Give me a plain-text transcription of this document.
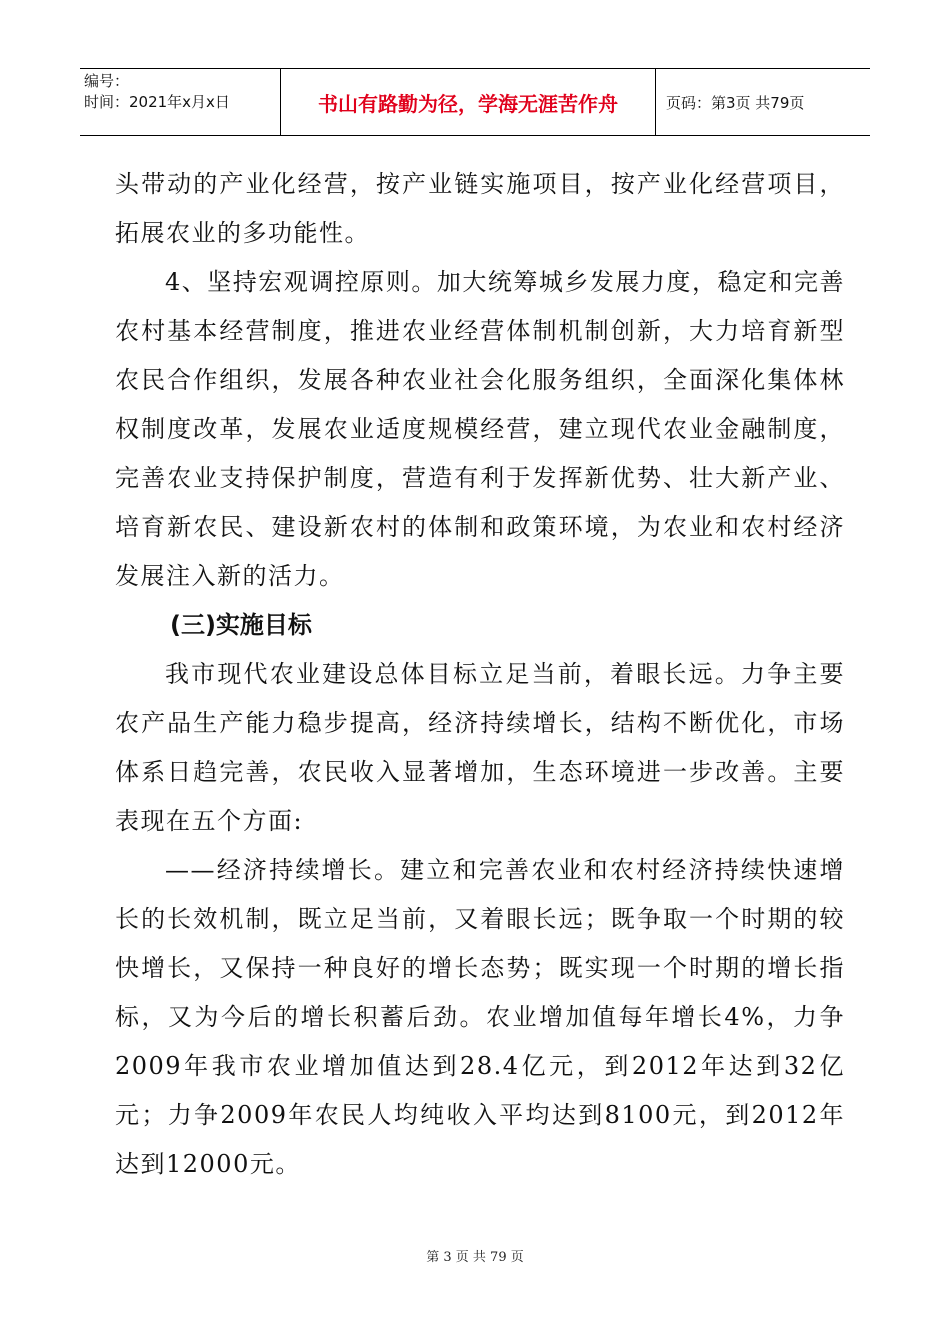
编号：
时间：2021年x月x日	书山有路勤为径，学海无涯苦作舟	页码：第3页 共79页

头带动的产业化经营，按产业链实施项目，按产业化经营项目，拓展农业的多功能性。

4、坚持宏观调控原则。加大统筹城乡发展力度，稳定和完善农村基本经营制度，推进农业经营体制机制创新，大力培育新型农民合作组织，发展各种农业社会化服务组织，全面深化集体林权制度改革，发展农业适度规模经营，建立现代农业金融制度，完善农业支持保护制度，营造有利于发挥新优势、壮大新产业、培育新农民、建设新农村的体制和政策环境，为农业和农村经济发展注入新的活力。

(三)实施目标

我市现代农业建设总体目标立足当前，着眼长远。力争主要农产品生产能力稳步提高，经济持续增长，结构不断优化，市场体系日趋完善，农民收入显著增加，生态环境进一步改善。主要表现在五个方面:

——经济持续增长。建立和完善农业和农村经济持续快速增长的长效机制，既立足当前，又着眼长远；既争取一个时期的较快增长，又保持一种良好的增长态势；既实现一个时期的增长指标，又为今后的增长积蓄后劲。农业增加值每年增长4%，力争2009年我市农业增加值达到28.4亿元，到2012年达到32亿元；力争2009年农民人均纯收入平均达到8100元，到2012年达到12000元。

第 3 页 共 79 页
